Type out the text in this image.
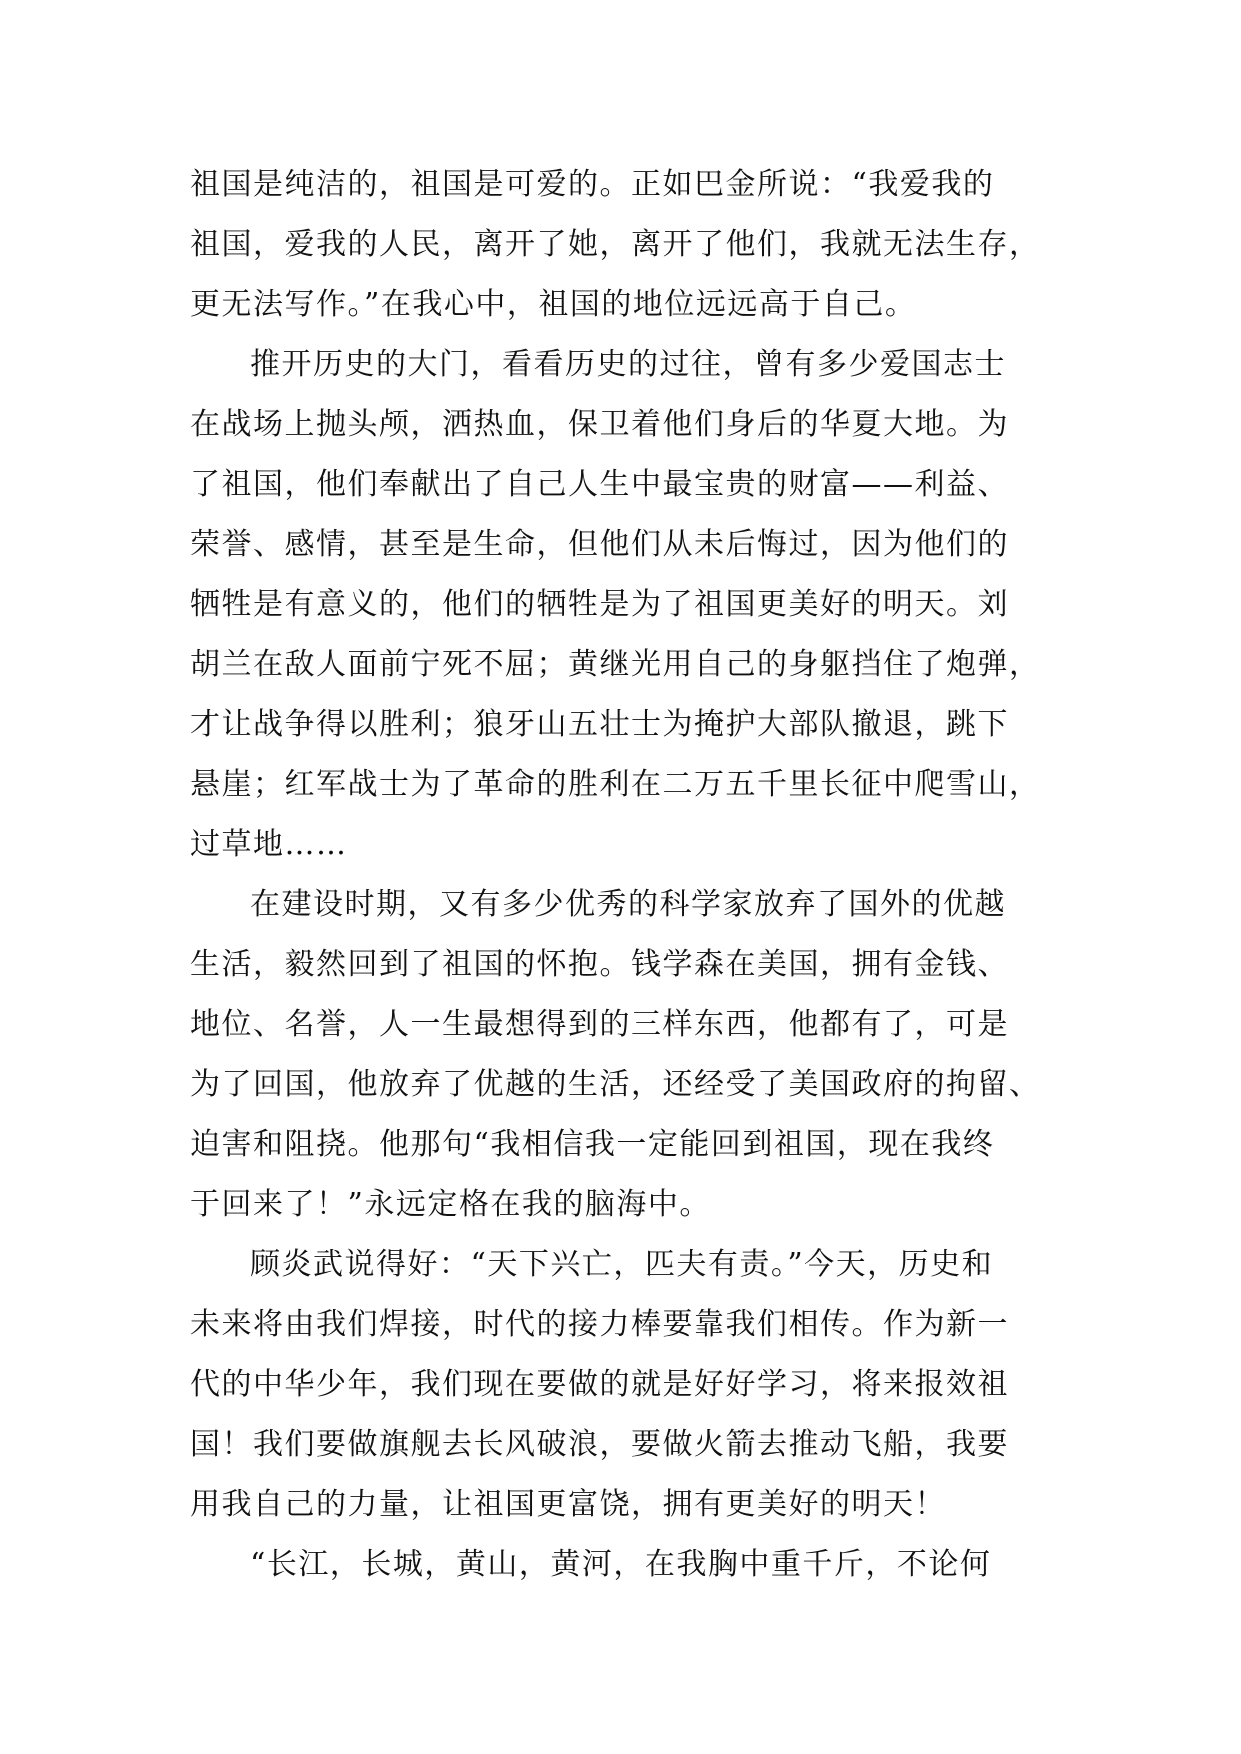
祖国是纯洁的，祖国是可爱的。正如巴金所说：“我爱我的
祖国，爱我的人民，离开了她，离开了他们，我就无法生存，
更无法写作。”在我心中，祖国的地位远远高于自己。
推开历史的大门，看看历史的过往，曾有多少爱国志士
在战场上抛头颅，洒热血，保卫着他们身后的华夏大地。为
了祖国，他们奉献出了自己人生中最宝贵的财富——利益、
荣誉、感情，甚至是生命，但他们从未后悔过，因为他们的
牺牲是有意义的，他们的牺牲是为了祖国更美好的明天。刘
胡兰在敌人面前宁死不屈；黄继光用自己的身躯挡住了炮弹，
才让战争得以胜利；狼牙山五壮士为掩护大部队撤退，跳下
悬崖；红军战士为了革命的胜利在二万五千里长征中爬雪山，
过草地……
在建设时期，又有多少优秀的科学家放弃了国外的优越
生活，毅然回到了祖国的怀抱。钱学森在美国，拥有金钱、
地位、名誉，人一生最想得到的三样东西，他都有了，可是
为了回国，他放弃了优越的生活，还经受了美国政府的拘留、
迫害和阻挠。他那句“我相信我一定能回到祖国，现在我终
于回来了！”永远定格在我的脑海中。
顾炎武说得好：“天下兴亡，匹夫有责。”今天，历史和
未来将由我们焊接，时代的接力棒要靠我们相传。作为新一
代的中华少年，我们现在要做的就是好好学习，将来报效祖
国！我们要做旗舰去长风破浪，要做火箭去推动飞船，我要
用我自己的力量，让祖国更富饶，拥有更美好的明天！
“长江，长城，黄山，黄河，在我胸中重千斤，不论何
